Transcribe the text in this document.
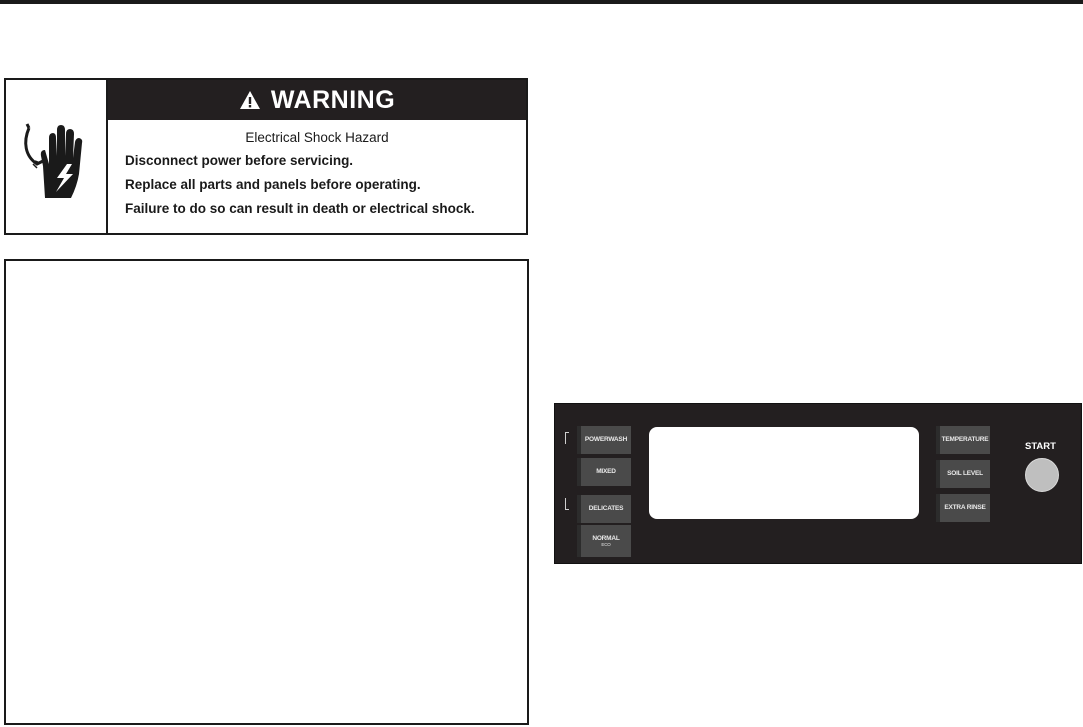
WARNING
Electrical Shock Hazard
Disconnect power before servicing.
Replace all parts and panels before operating.
Failure to do so can result in death or electrical shock.
POWERWASH
MIXED
DELICATES
NORMAL
ECO
TEMPERATURE
SOIL LEVEL
EXTRA RINSE
START
